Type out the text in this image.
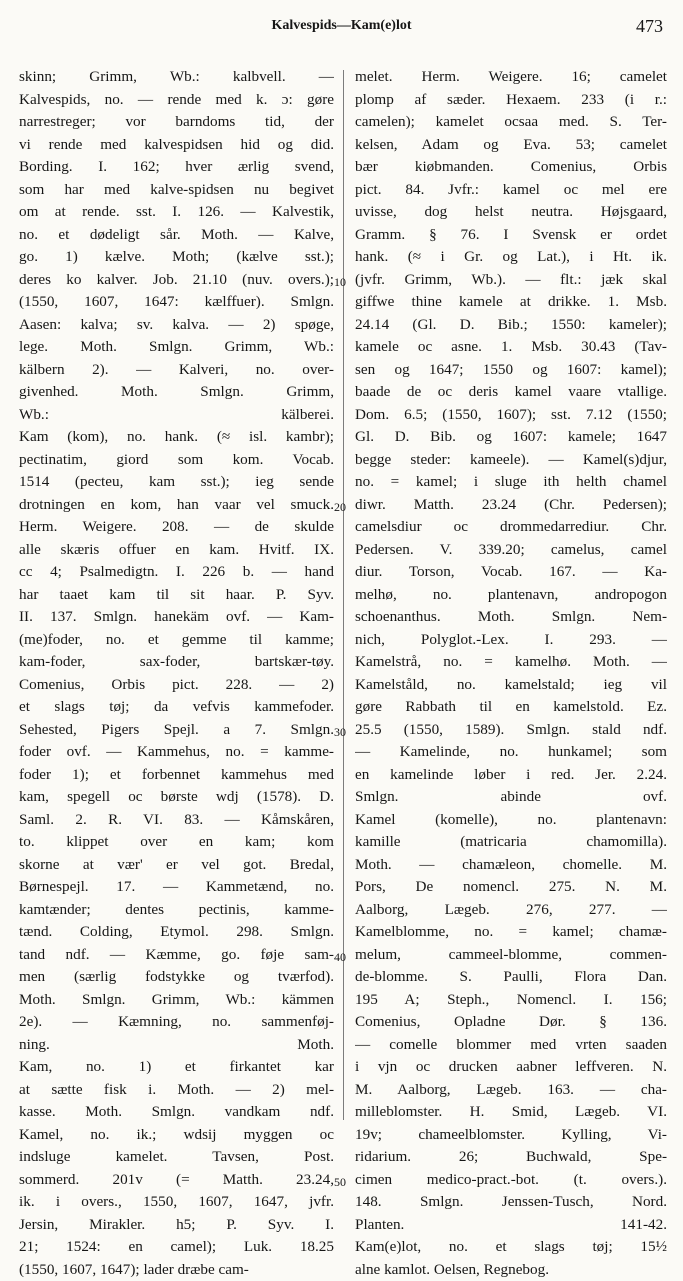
Kalvespids—Kam(e)lot	473
skinn; Grimm, Wb.: kalbvell. —
Kalvespids, no. — rende med k. ɔ: gøre
narrestreger; vor barndoms tid, der
vi rende med kalvespidsen hid og did.
Bording. I. 162; hver ærlig svend,
som har med kalve-spidsen nu begivet
om at rende. sst. I. 126. — Kalvestik,
no. et dødeligt sår. Moth. — Kalve,
go. 1) kælve. Moth; (kælve sst.);
deres ko kalver. Job. 21.10 (nuv. overs.);
(1550, 1607, 1647: kælffuer). Smlgn.
Aasen: kalva; sv. kalva. — 2) spøge,
lege. Moth. Smlgn. Grimm, Wb.:
kälbern 2). — Kalveri, no. over-
givenhed. Moth. Smlgn. Grimm,
Wb.: kälberei.
Kam (kom), no. hank. (≈ isl. kambr);
pectinatim, giord som kom. Vocab.
1514 (pecteu, kam sst.); ieg sende
drotningen en kom, han vaar vel smuck.
Herm. Weigere. 208. — de skulde
alle skæris offuer en kam. Hvitf. IX.
cc 4; Psalmedigtn. I. 226 b. — hand
har taaet kam til sit haar. P. Syv.
II. 137. Smlgn. hanekäm ovf. — Kam-
(me)foder, no. et gemme til kamme;
kam-foder, sax-foder, bartskær-tøy.
Comenius, Orbis pict. 228. — 2)
et slags tøj; da vefvis kammefoder.
Sehested, Pigers Spejl. a 7. Smlgn.
foder ovf. — Kammehus, no. = kamme-
foder 1); et forbennet kammehus med
kam, spegell oc børste wdj (1578). D.
Saml. 2. R. VI. 83. — Kåmskåren,
to. klippet over en kam; kom
skorne at vær' er vel got. Bredal,
Børnespejl. 17. — Kammetænd, no.
kamtænder; dentes pectinis, kamme-
tænd. Colding, Etymol. 298. Smlgn.
tand ndf. — Kæmme, go. føje sam-
men (særlig fodstykke og tværfod).
Moth. Smlgn. Grimm, Wb.: kämmen
2e). — Kæmning, no. sammenføj-
ning. Moth.
Kam, no. 1) et firkantet kar
at sætte fisk i. Moth. — 2) mel-
kasse. Moth. Smlgn. vandkam ndf.
Kamel, no. ik.; wdsij myggen oc
indsluge kamelet. Tavsen, Post.
sommerd. 201v (= Matth. 23.24,
ik. i overs., 1550, 1607, 1647, jvfr.
Jersin, Mirakler. h5; P. Syv. I.
21; 1524: en camel); Luk. 18.25
(1550, 1607, 1647); lader dræbe cam-
10
20
30
40
50
melet. Herm. Weigere. 16; camelet
plomp af sæder. Hexaem. 233 (i r.:
camelen); kamelet ocsaa med. S. Ter-
kelsen, Adam og Eva. 53; camelet
bær kiøbmanden. Comenius, Orbis
pict. 84. Jvfr.: kamel oc mel ere
uvisse, dog helst neutra. Højsgaard,
Gramm. § 76. I Svensk er ordet
hank. (≈ i Gr. og Lat.), i Ht. ik.
(jvfr. Grimm, Wb.). — flt.: jæk skal
giffwe thine kamele at drikke. 1. Msb.
24.14 (Gl. D. Bib.; 1550: kameler);
kamele oc asne. 1. Msb. 30.43 (Tav-
sen og 1647; 1550 og 1607: kamel);
baade de oc deris kamel vaare vtallige.
Dom. 6.5; (1550, 1607); sst. 7.12 (1550;
Gl. D. Bib. og 1607: kamele; 1647
begge steder: kameele). — Kamel(s)djur,
no. = kamel; i sluge ith helth chamel
diwr. Matth. 23.24 (Chr. Pedersen);
camelsdiur oc drommedarrediur. Chr.
Pedersen. V. 339.20; camelus, camel
diur. Torson, Vocab. 167. — Ka-
melhø, no. plantenavn, andropogon
schoenanthus. Moth. Smlgn. Nem-
nich, Polyglot.-Lex. I. 293. —
Kamelstrå, no. = kamelhø. Moth. —
Kamelståld, no. kamelstald; ieg vil
gøre Rabbath til en kamelstold. Ez.
25.5 (1550, 1589). Smlgn. stald ndf.
— Kamelinde, no. hunkamel; som
en kamelinde løber i red. Jer. 2.24.
Smlgn. abinde ovf.
Kamel (komelle), no. plantenavn:
kamille (matricaria chamomilla).
Moth. — chamæleon, chomelle. M.
Pors, De nomencl. 275. N. M.
Aalborg, Lægeb. 276, 277. —
Kamelblomme, no. = kamel; chamæ-
melum, cammeel-blomme, commen-
de-blomme. S. Paulli, Flora Dan.
195 A; Steph., Nomencl. I. 156;
Comenius, Opladne Dør. § 136.
— comelle blommer med vrten saaden
i vjn oc drucken aabner leffveren. N.
M. Aalborg, Lægeb. 163. — cha-
milleblomster. H. Smid, Lægeb. VI.
19v; chameelblomster. Kylling, Vi-
ridarium. 26; Buchwald, Spe-
cimen medico-pract.-bot. (t. overs.).
148. Smlgn. Jenssen-Tusch, Nord.
Planten. 141-42.
Kam(e)lot, no. et slags tøj; 15½
alne kamlot. Oelsen, Regnebog.
